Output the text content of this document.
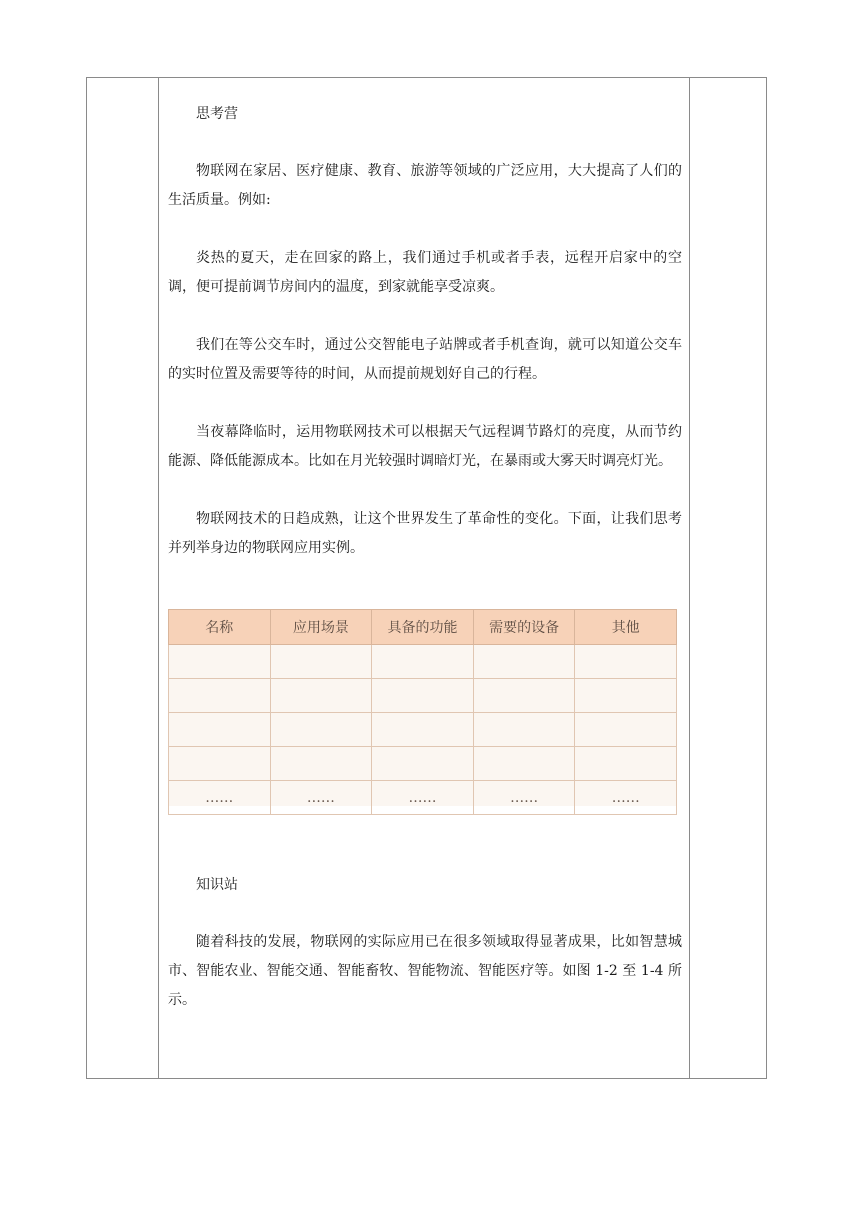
思考营

物联网在家居、医疗健康、教育、旅游等领域的广泛应用，大大提高了人们的生活质量。例如:

炎热的夏天，走在回家的路上，我们通过手机或者手表，远程开启家中的空调，便可提前调节房间内的温度，到家就能享受凉爽。

我们在等公交车时，通过公交智能电子站牌或者手机查询，就可以知道公交车的实时位置及需要等待的时间，从而提前规划好自己的行程。

当夜幕降临时，运用物联网技术可以根据天气远程调节路灯的亮度，从而节约能源、降低能源成本。比如在月光较强时调暗灯光，在暴雨或大雾天时调亮灯光。

物联网技术的日趋成熟，让这个世界发生了革命性的变化。下面，让我们思考并列举身边的物联网应用实例。

名称	应用场景	具备的功能	需要的设备	其他

……	……	……	……	……

知识站

随着科技的发展，物联网的实际应用已在很多领域取得显著成果，比如智慧城市、智能农业、智能交通、智能畜牧、智能物流、智能医疗等。如图 1-2 至 1-4 所示。
